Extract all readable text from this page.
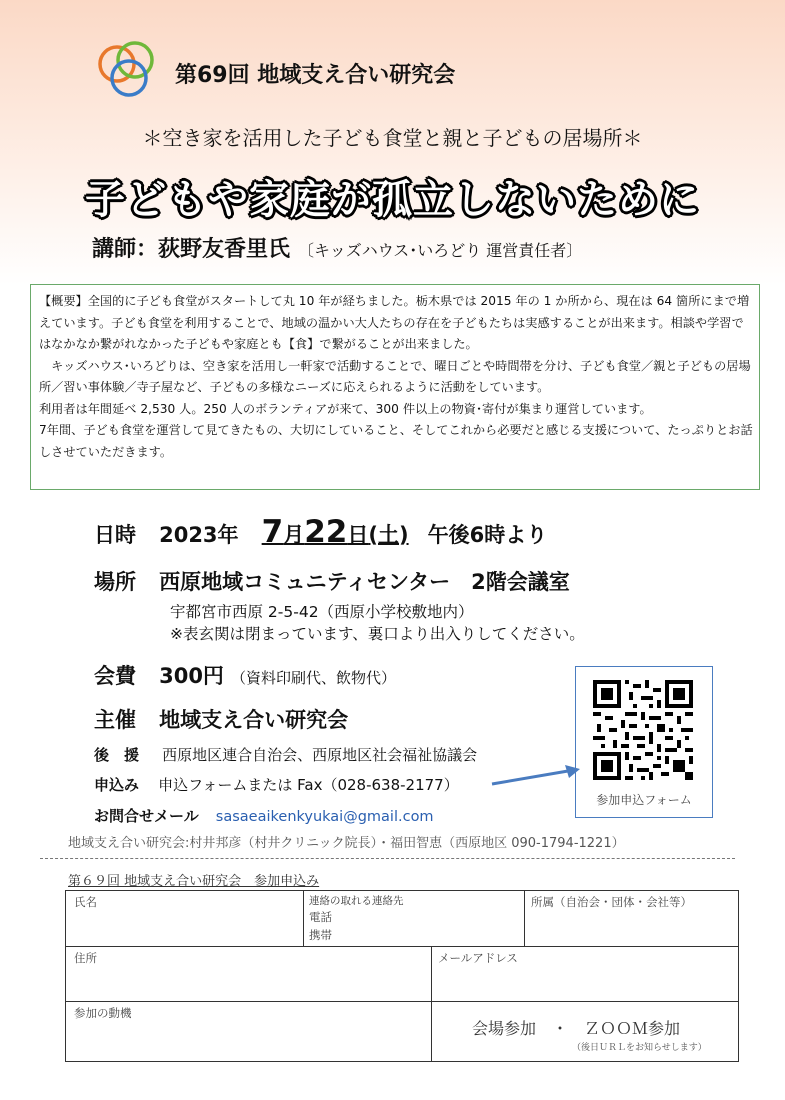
第69回 地域支え合い研究会
＊空き家を活用した子ども食堂と親と子どもの居場所＊
子どもや家庭が孤立しないために
講師：荻野友香里氏 〔キッズハウス･いろどり 運営責任者〕

【概要】全国的に子ども食堂がスタートして丸 10 年が経ちました。栃木県では 2015 年の 1 か所から、現在は 64 箇所にまで増えています。子ども食堂を利用することで、地域の温かい大人たちの存在を子どもたちは実感することが出来ます。相談や学習ではなかなか繋がれなかった子どもや家庭とも【食】で繋がることが出来ました。

　キッズハウス･いろどりは、空き家を活用し一軒家で活動することで、曜日ごとや時間帯を分け、子ども食堂／親と子どもの居場所／習い事体験／寺子屋など、子どもの多様なニーズに応えられるように活動をしています。

利用者は年間延べ 2,530 人。250 人のボランティアが来て、300 件以上の物資･寄付が集まり運営しています。

7年間、子ども食堂を運営して見てきたもの、大切にしていること、そしてこれから必要だと感じる支援について、たっぷりとお話しさせていただきます。

日時 2023年 7月22日(土) 午後6時より
場所 西原地域コミュニティセンター　2階会議室
宇都宮市西原 2-5-42（西原小学校敷地内）
※表玄関は閉まっています、裏口より出入りしてください。
会費 300円 （資料印刷代、飲物代）
主催 地域支え合い研究会
後　援 西原地区連合自治会、西原地区社会福祉協議会
申込み 申込フォームまたは Fax（028-638-2177）
お問合せメール sasaeaikenkyukai@gmail.com
参加申込フォーム
地域支え合い研究会:村井邦彦（村井クリニック院長）・福田智恵（西原地区 090-1794-1221）
第６９回 地域支え合い研究会　参加申込み
氏名	連絡の取れる連絡先
電話
携帯
所属（自治会・団体・会社等）
住所	メールアドレス
参加の動機
会場参加　・　ＺＯＯＭ参加
（後日ＵＲＬをお知らせします）
